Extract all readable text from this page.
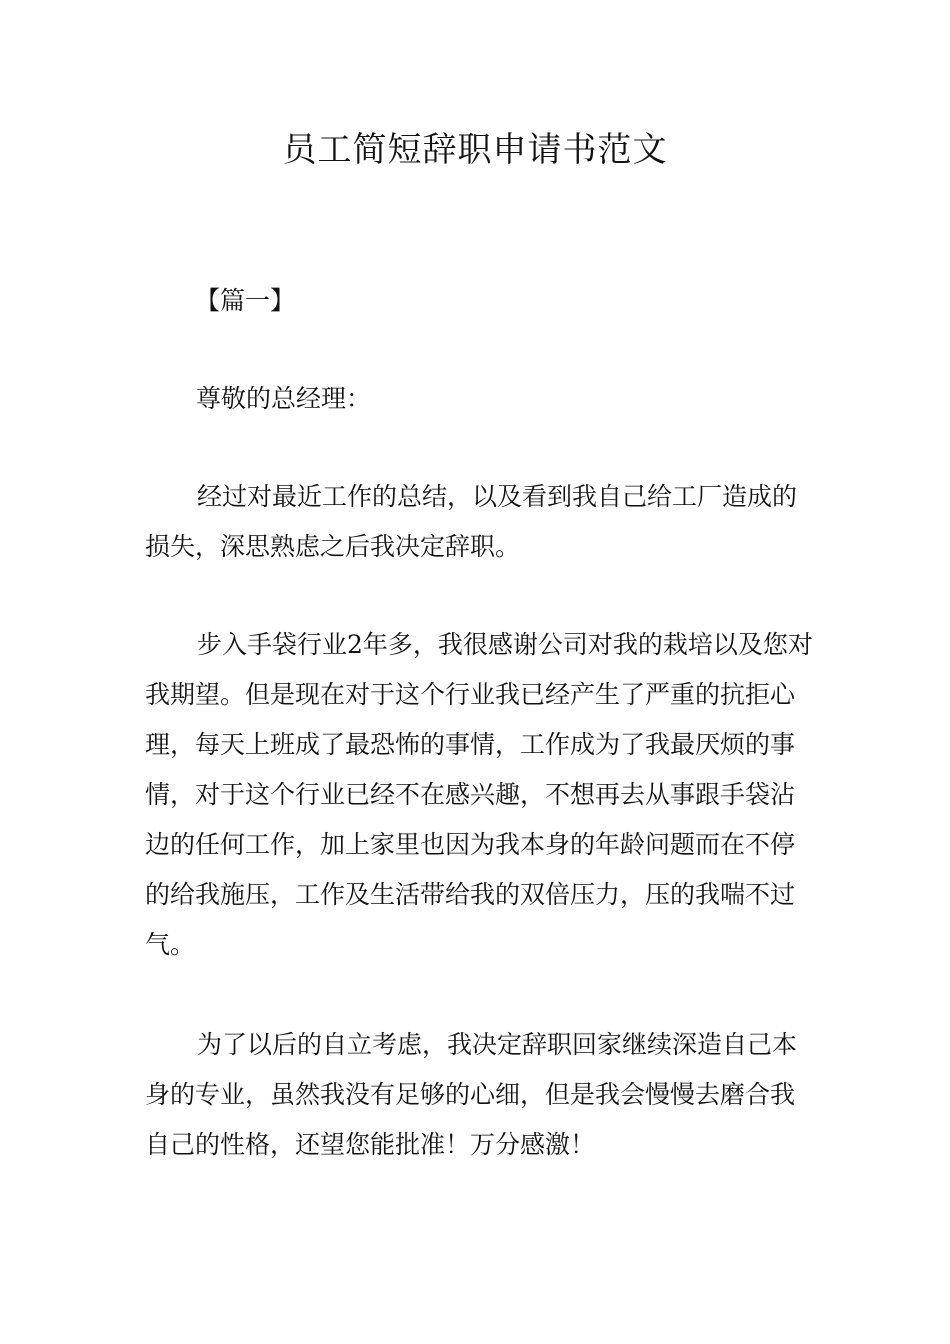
员工简短辞职申请书范文

【篇一】

尊敬的总经理：

经过对最近工作的总结，以及看到我自己给工厂造成的损失，深思熟虑之后我决定辞职。

步入手袋行业2年多，我很感谢公司对我的栽培以及您对我期望。但是现在对于这个行业我已经产生了严重的抗拒心理，每天上班成了最恐怖的事情，工作成为了我最厌烦的事情，对于这个行业已经不在感兴趣，不想再去从事跟手袋沾边的任何工作，加上家里也因为我本身的年龄问题而在不停的给我施压，工作及生活带给我的双倍压力，压的我喘不过气。

为了以后的自立考虑，我决定辞职回家继续深造自己本身的专业，虽然我没有足够的心细，但是我会慢慢去磨合我自己的性格，还望您能批准！万分感激！
